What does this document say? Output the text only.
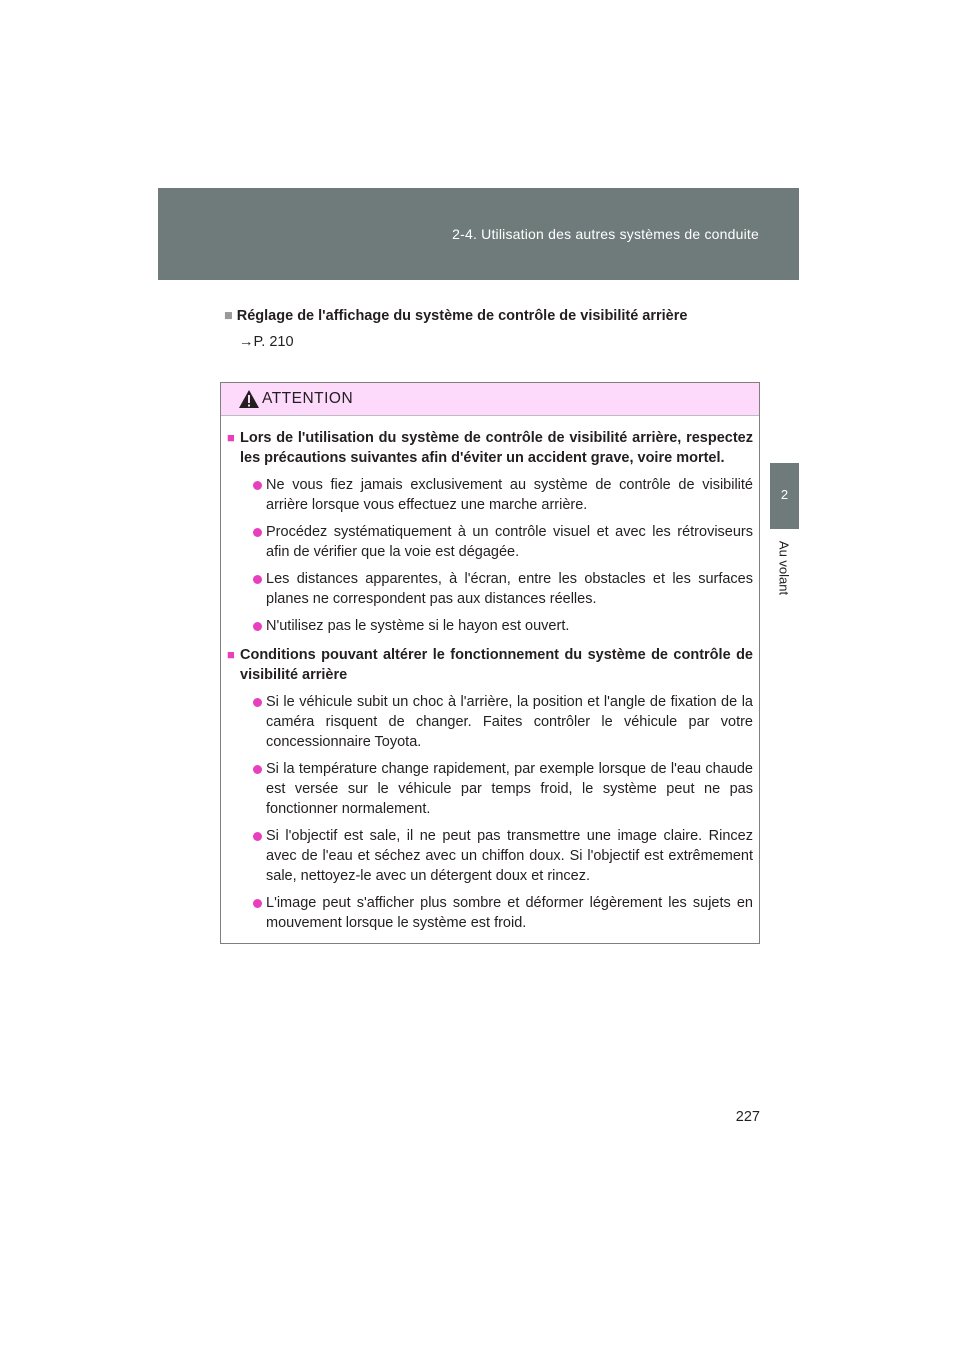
2-4. Utilisation des autres systèmes de conduite
2
Au volant
■ Réglage de l'affichage du système de contrôle de visibilité arrière
→P. 210
ATTENTION
■ Lors de l'utilisation du système de contrôle de visibilité arrière, respectez les précautions suivantes afin d'éviter un accident grave, voire mortel.
Ne vous fiez jamais exclusivement au système de contrôle de visibilité arrière lorsque vous effectuez une marche arrière.
Procédez systématiquement à un contrôle visuel et avec les rétroviseurs afin de vérifier que la voie est dégagée.
Les distances apparentes, à l'écran, entre les obstacles et les surfaces planes ne correspondent pas aux distances réelles.
N'utilisez pas le système si le hayon est ouvert.
■ Conditions pouvant altérer le fonctionnement du système de contrôle de visibilité arrière
Si le véhicule subit un choc à l'arrière, la position et l'angle de fixation de la caméra risquent de changer. Faites contrôler le véhicule par votre concessionnaire Toyota.
Si la température change rapidement, par exemple lorsque de l'eau chaude est versée sur le véhicule par temps froid, le système peut ne pas fonctionner normalement.
Si l'objectif est sale, il ne peut pas transmettre une image claire. Rincez avec de l'eau et séchez avec un chiffon doux. Si l'objectif est extrêmement sale, nettoyez-le avec un détergent doux et rincez.
L'image peut s'afficher plus sombre et déformer légèrement les sujets en mouvement lorsque le système est froid.
227
